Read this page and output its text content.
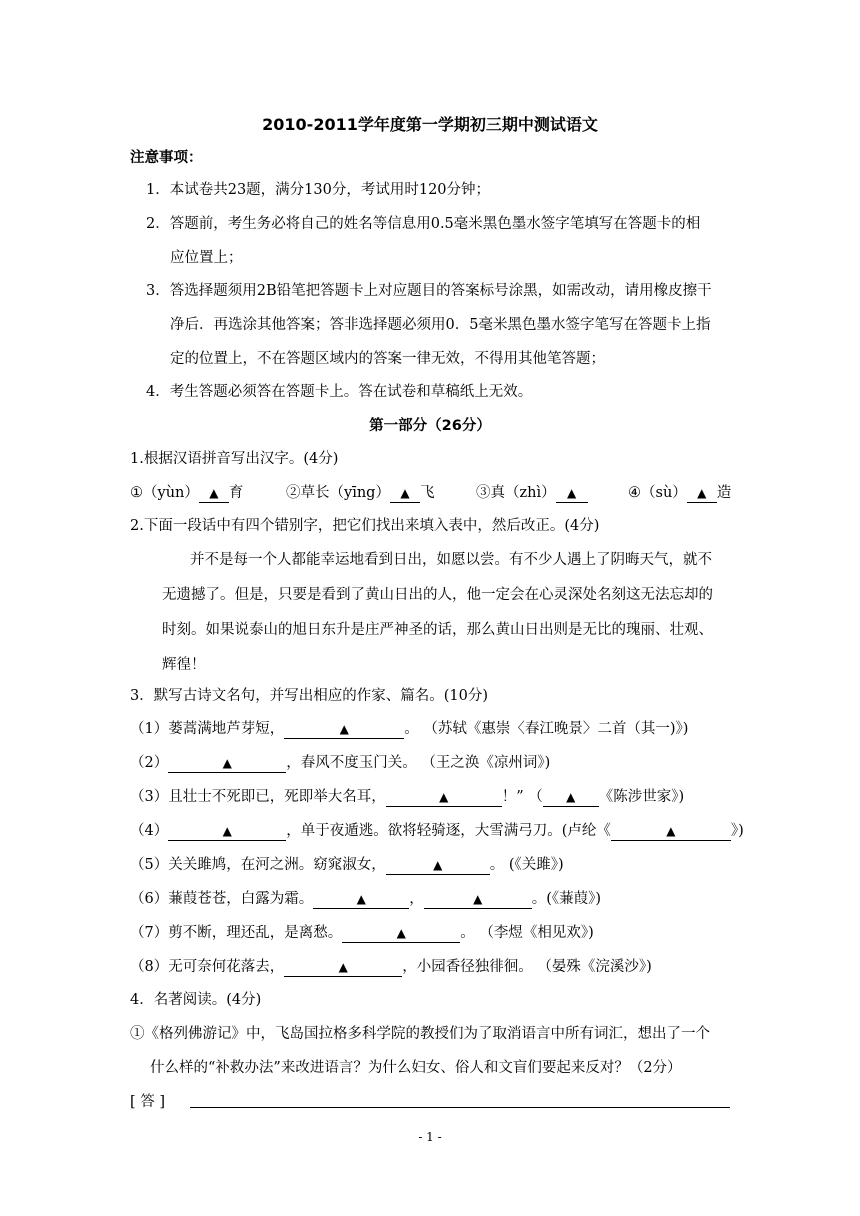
2010-2011学年度第一学期初三期中测试语文
注意事项：
1．本试卷共23题，满分130分，考试用时120分钟；
2．答题前，考生务必将自己的姓名等信息用0.5毫米黑色墨水签字笔填写在答题卡的相
应位置上；
3．答选择题须用2B铅笔把答题卡上对应题目的答案标号涂黑，如需改动，请用橡皮擦干
净后．再选涂其他答案；答非选择题必须用0．5毫米黑色墨水签字笔写在答题卡上指
定的位置上，不在答题区域内的答案一律无效，不得用其他笔答题；
4．考生答题必须答在答题卡上。答在试卷和草稿纸上无效。
第一部分（26分）
1.根据汉语拼音写出汉字。(4分)
①（yùn） ▲ 育	②草长（yīng） ▲ 飞	③真（zhì） ▲	④（sù） ▲ 造
2.下面一段话中有四个错别字，把它们找出来填入表中，然后改正。(4分)
并不是每一个人都能幸运地看到日出，如愿以尝。有不少人遇上了阴晦天气，就不
无遗撼了。但是，只要是看到了黄山日出的人，他一定会在心灵深处名刻这无法忘却的
时刻。如果说泰山的旭日东升是庄严神圣的话，那么黄山日出则是无比的瑰丽、壮观、
辉徨！
3．默写古诗文名句，并写出相应的作家、篇名。(10分)
（1）蒌蒿满地芦芽短，	▲	。 （苏轼《惠崇〈春江晚景〉二首（其一)》)
（2）	▲	，春风不度玉门关。 （王之涣《凉州词》)
（3）且壮士不死即已，死即举大名耳，	▲	！” （ ▲ 《陈涉世家》)
（4）	▲	，单于夜遁逃。欲将轻骑逐，大雪满弓刀。(卢纶《	▲	》)
（5）关关雎鸠，在河之洲。窈窕淑女，	▲	。 (《关雎》)
（6）蒹葭苍苍，白露为霜。	▲	，	▲	。(《蒹葭》)
（7）剪不断，理还乱，是离愁。	▲	。 （李煜《相见欢》)
（8）无可奈何花落去，	▲	，小园香径独徘徊。 （晏殊《浣溪沙》)
4．名著阅读。(4分)
①《格列佛游记》中，飞岛国拉格多科学院的教授们为了取消语言中所有词汇，想出了一个
什么样的“补救办法”来改进语言？为什么妇女、俗人和文盲们要起来反对？（2分）
[ 答 ]
- 1 -
